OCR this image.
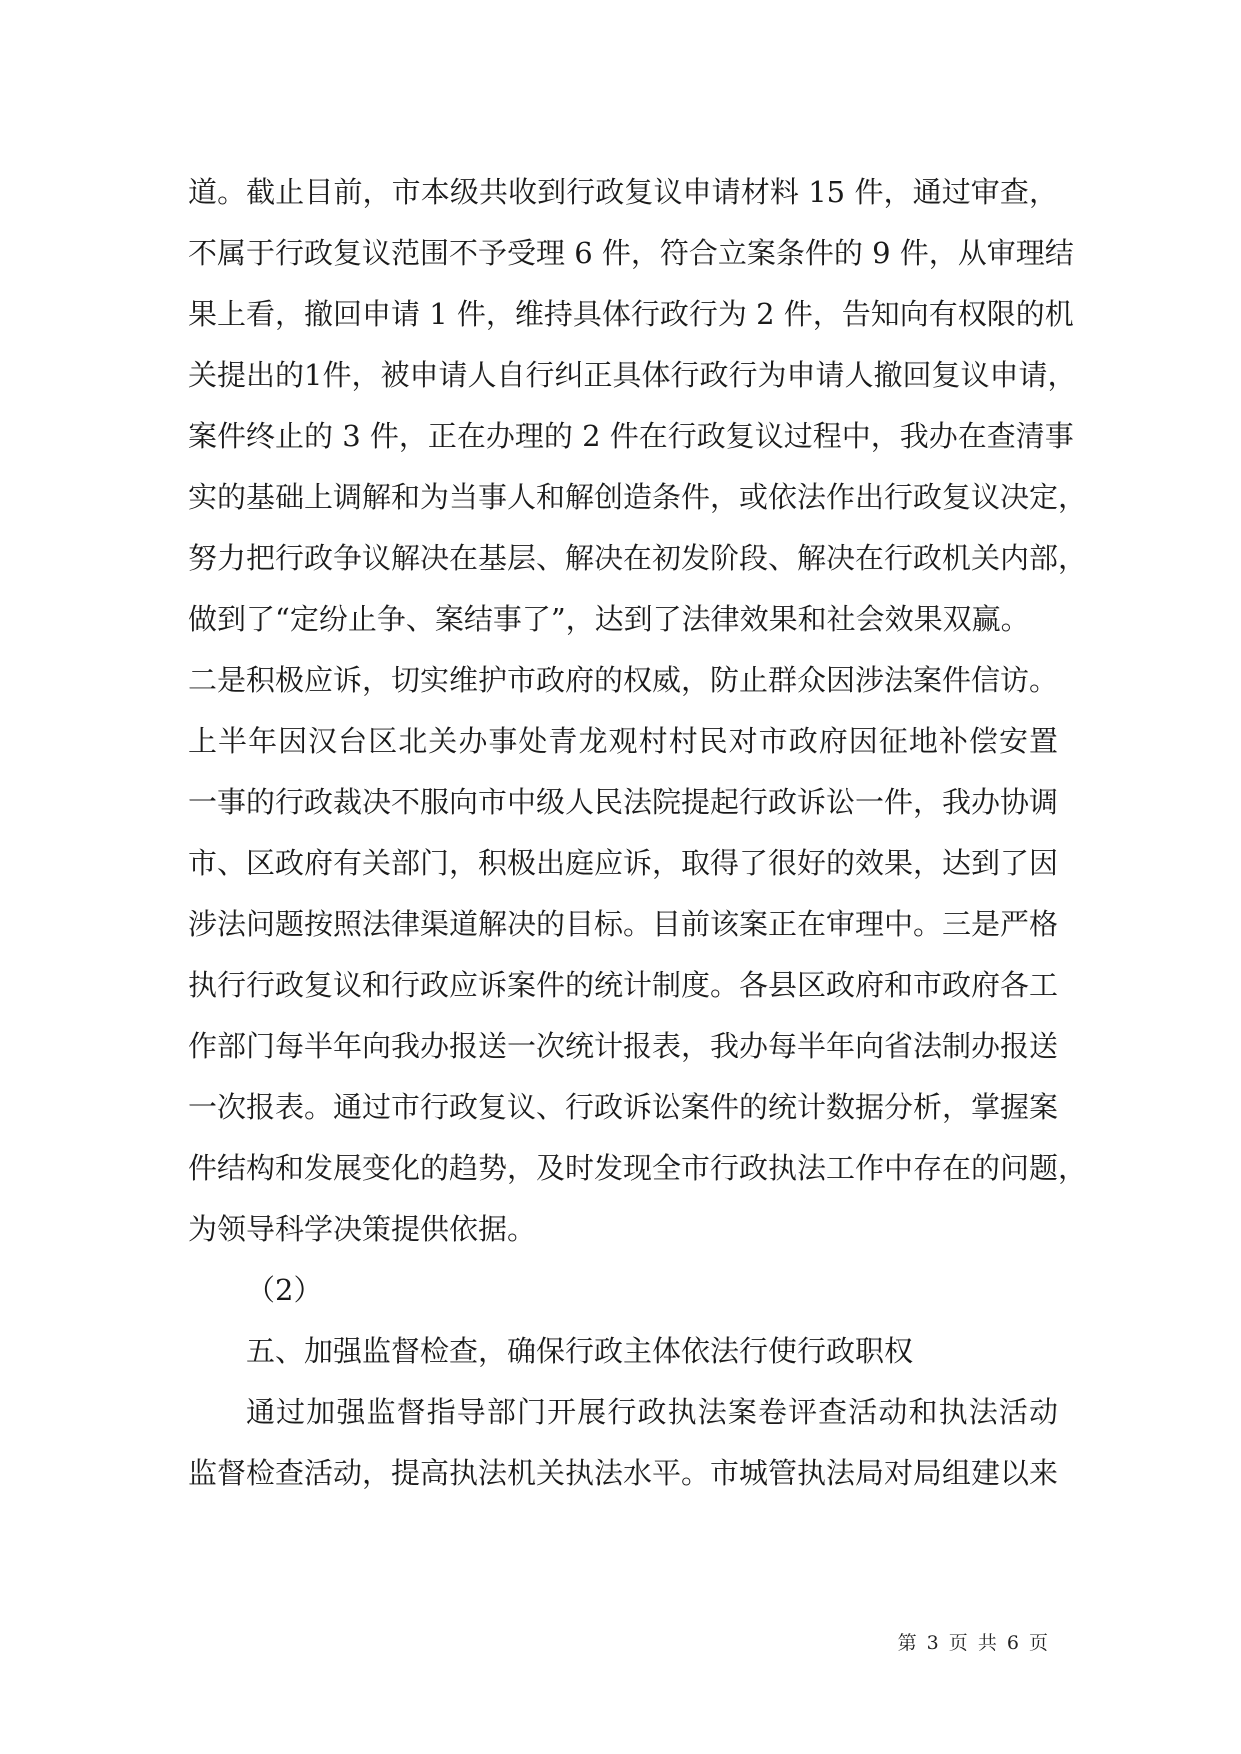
道。截止目前，市本级共收到行政复议申请材料 15 件，通过审查，
不属于行政复议范围不予受理 6 件，符合立案条件的 9 件，从审理结
果上看，撤回申请 1 件，维持具体行政行为 2 件，告知向有权限的机
关提出的1件，被申请人自行纠正具体行政行为申请人撤回复议申请，
案件终止的 3 件，正在办理的 2 件在行政复议过程中，我办在查清事
实的基础上调解和为当事人和解创造条件，或依法作出行政复议决定，
努力把行政争议解决在基层、解决在初发阶段、解决在行政机关内部，
做到了“定纷止争、案结事了”，达到了法律效果和社会效果双赢。
二是积极应诉，切实维护市政府的权威，防止群众因涉法案件信访。
上半年因汉台区北关办事处青龙观村村民对市政府因征地补偿安置
一事的行政裁决不服向市中级人民法院提起行政诉讼一件，我办协调
市、区政府有关部门，积极出庭应诉，取得了很好的效果，达到了因
涉法问题按照法律渠道解决的目标。目前该案正在审理中。三是严格
执行行政复议和行政应诉案件的统计制度。各县区政府和市政府各工
作部门每半年向我办报送一次统计报表，我办每半年向省法制办报送
一次报表。通过市行政复议、行政诉讼案件的统计数据分析，掌握案
件结构和发展变化的趋势，及时发现全市行政执法工作中存在的问题，
为领导科学决策提供依据。
（2）
五、加强监督检查，确保行政主体依法行使行政职权
通过加强监督指导部门开展行政执法案卷评查活动和执法活动
监督检查活动，提高执法机关执法水平。市城管执法局对局组建以来
第 3 页 共 6 页
